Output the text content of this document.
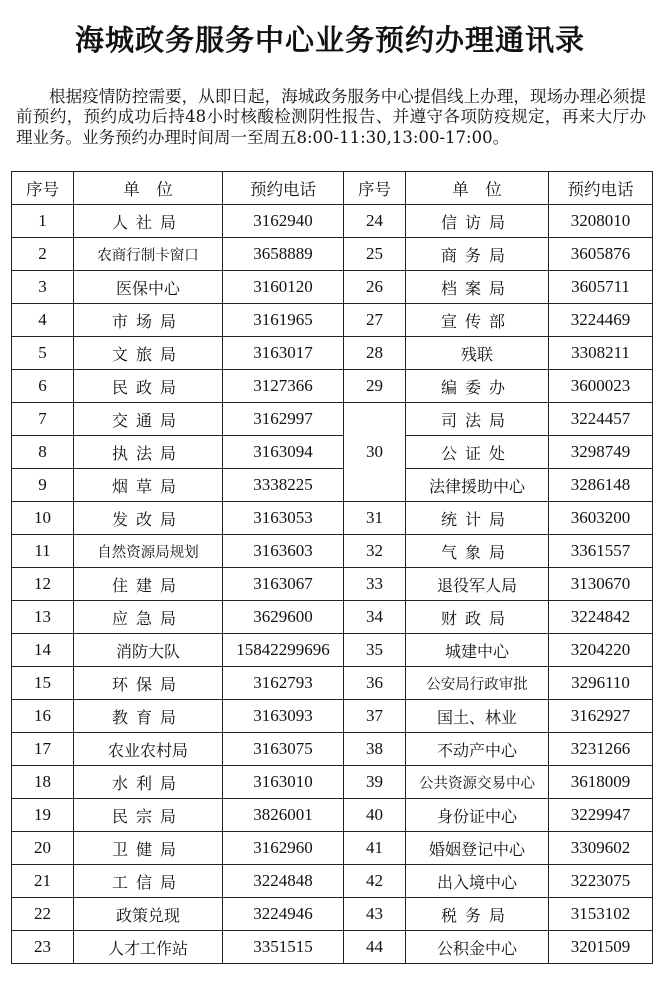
海城政务服务中心业务预约办理通讯录

根据疫情防控需要，从即日起，海城政务服务中心提倡线上办理，现场办理必须提前预约，预约成功后持48小时核酸检测阴性报告、并遵守各项防疫规定，再来大厅办理业务。业务预约办理时间周一至周五8:00-11:30,13:00-17:00。

序号	单　位	预约电话	序号	单　位	预约电话
1	人社局	3162940	24	信访局	3208010
2	农商行制卡窗口	3658889	25	商务局	3605876
3	医保中心	3160120	26	档案局	3605711
4	市场局	3161965	27	宣传部	3224469
5	文旅局	3163017	28	残联	3308211
6	民政局	3127366	29	编委办	3600023
7	交通局	3162997	30	司法局	3224457
8	执法局	3163094		公证处	3298749
9	烟草局	3338225		法律援助中心	3286148
10	发改局	3163053	31	统计局	3603200
11	自然资源局规划	3163603	32	气象局	3361557
12	住建局	3163067	33	退役军人局	3130670
13	应急局	3629600	34	财政局	3224842
14	消防大队	15842299696	35	城建中心	3204220
15	环保局	3162793	36	公安局行政审批	3296110
16	教育局	3163093	37	国土、林业	3162927
17	农业农村局	3163075	38	不动产中心	3231266
18	水利局	3163010	39	公共资源交易中心	3618009
19	民宗局	3826001	40	身份证中心	3229947
20	卫健局	3162960	41	婚姻登记中心	3309602
21	工信局	3224848	42	出入境中心	3223075
22	政策兑现	3224946	43	税务局	3153102
23	人才工作站	3351515	44	公积金中心	3201509
